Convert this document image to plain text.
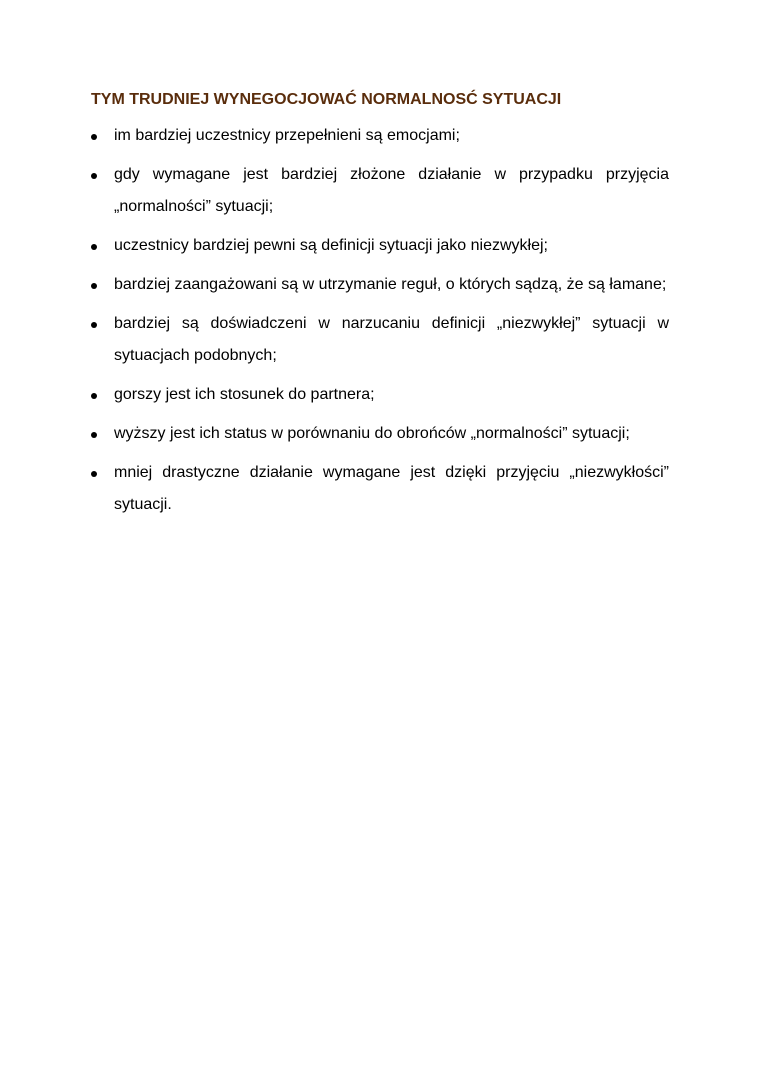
TYM TRUDNIEJ WYNEGOCJOWAĆ NORMALNOSĆ SYTUACJI
im bardziej uczestnicy przepełnieni są emocjami;
gdy wymagane jest bardziej złożone działanie w przypadku przyjęcia „normalności” sytuacji;
uczestnicy bardziej pewni są definicji sytuacji jako niezwykłej;
bardziej zaangażowani są w utrzymanie reguł, o których sądzą, że są łamane;
bardziej są doświadczeni w narzucaniu definicji „niezwykłej” sytuacji w sytuacjach podobnych;
gorszy jest ich stosunek do partnera;
wyższy jest ich status w porównaniu do obrońców „normalności” sytuacji;
mniej drastyczne działanie wymagane jest dzięki przyjęciu „niezwykłości” sytuacji.
